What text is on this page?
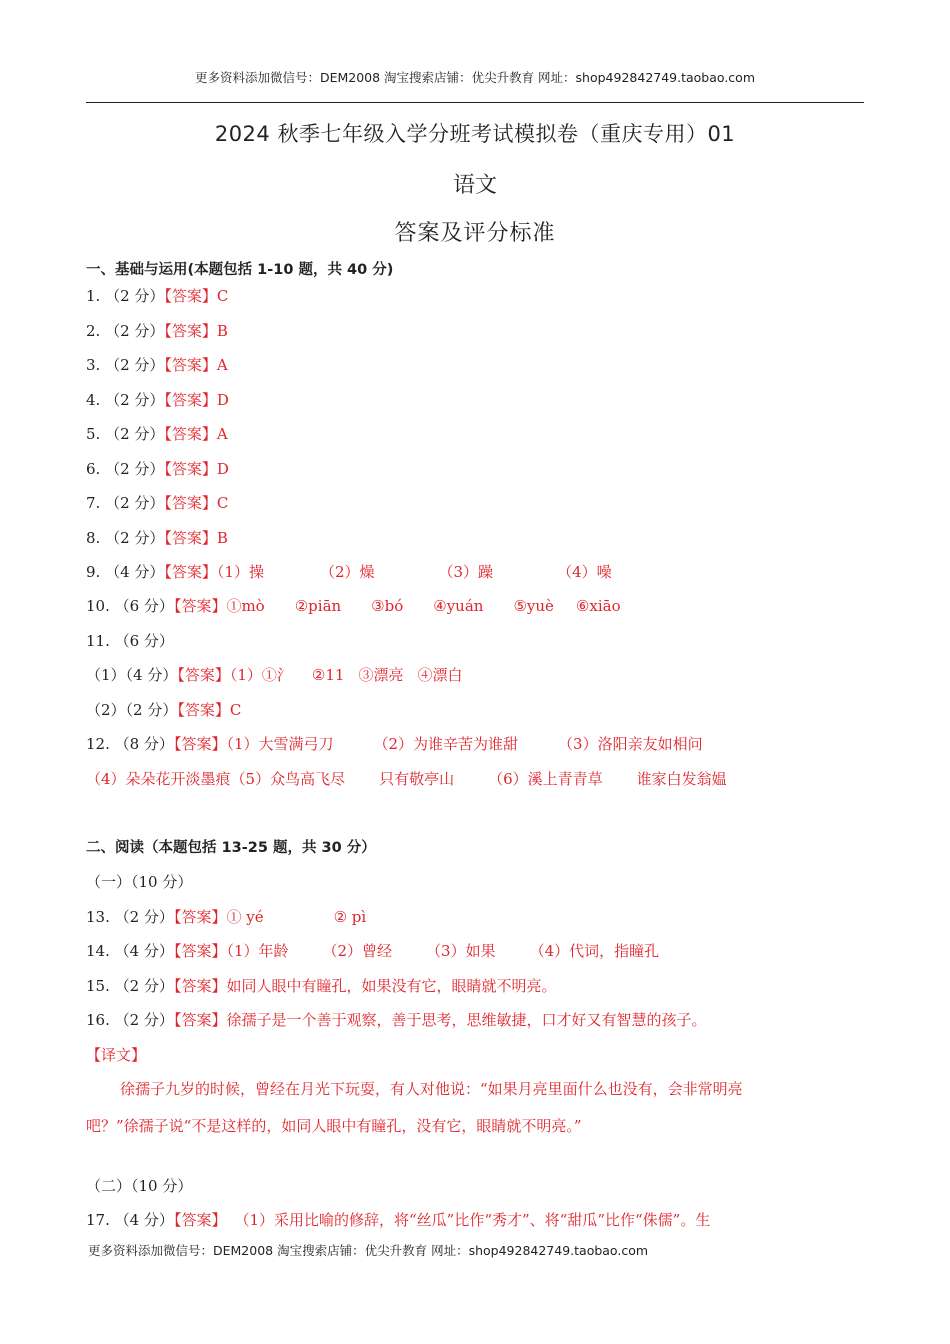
更多资料添加微信号：DEM2008 淘宝搜索店铺：优尖升教育 网址：shop492842749.taobao.com
2024 秋季七年级入学分班考试模拟卷（重庆专用）01
语文
答案及评分标准
一、基础与运用(本题包括 1-10 题，共 40 分)
1. （2 分）【答案】C
2. （2 分）【答案】B
3. （2 分）【答案】A
4. （2 分）【答案】D
5. （2 分）【答案】A
6. （2 分）【答案】D
7. （2 分）【答案】C
8. （2 分）【答案】B
9. （4 分）【答案】（1）操	（2）燥	（3）躁	（4）噪
10. （6 分）【答案】①mò ②piān ③bó ④yuán ⑤yuè ⑥xiāo
11. （6 分）
（1）（4 分）【答案】（1）①氵 ②11 ③漂亮 ④漂白
（2）（2 分）【答案】C
12. （8 分）【答案】（1）大雪满弓刀	（2）为谁辛苦为谁甜	（3）洛阳亲友如相问
（4）朵朵花开淡墨痕（5）众鸟高飞尽 只有敬亭山 （6）溪上青青草 谁家白发翁媪
二、阅读（本题包括 13-25 题，共 30 分）
（一）（10 分）
13. （2 分）【答案】① yé	② pì
14. （4 分）【答案】（1）年龄 （2）曾经 （3）如果 （4）代词，指瞳孔
15. （2 分）【答案】如同人眼中有瞳孔，如果没有它，眼睛就不明亮。
16. （2 分）【答案】徐孺子是一个善于观察，善于思考，思维敏捷，口才好又有智慧的孩子。
【译文】
徐孺子九岁的时候，曾经在月光下玩耍，有人对他说：“如果月亮里面什么也没有，会非常明亮
吧？”徐孺子说“不是这样的，如同人眼中有瞳孔，没有它，眼睛就不明亮。”
（二）（10 分）
17. （4 分）【答案】 （1）采用比喻的修辞，将“丝瓜”比作“秀才”、将“甜瓜”比作“侏儒”。生
更多资料添加微信号：DEM2008 淘宝搜索店铺：优尖升教育 网址：shop492842749.taobao.com
